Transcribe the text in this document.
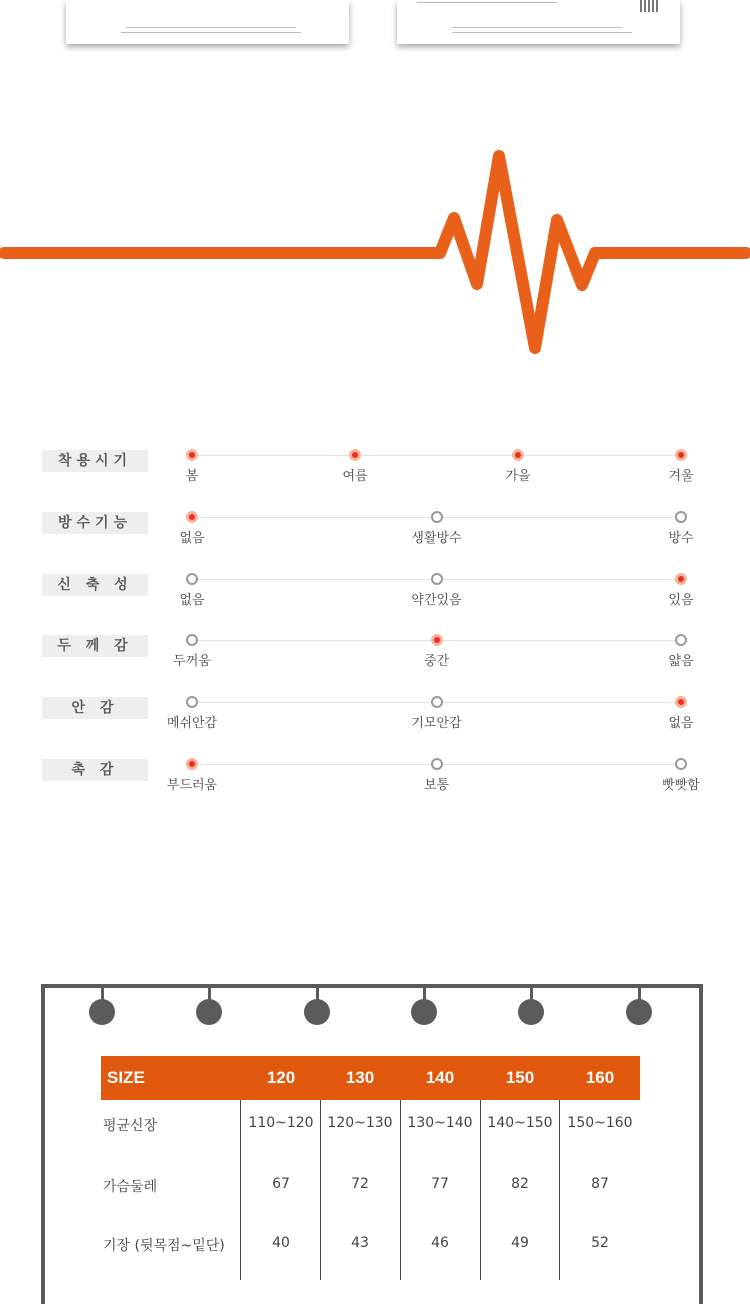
SIZE	120	130	140	150	160
착용시기
봄	여름	가을	겨울
방수기능
없음	생활방수	방수
신 축 성
없음	약간있음	있음
두 께 감
두꺼움	중간	얇음
안 감
메쉬안감	기모안감	없음
촉 감
부드러움	보통	빳빳함
평균신장	110~120 120~130 130~140 140~150 150~160
가슴둘레	67	72	77	82	87
기장 (뒷목점~밑단)	40	43	46	49	52
